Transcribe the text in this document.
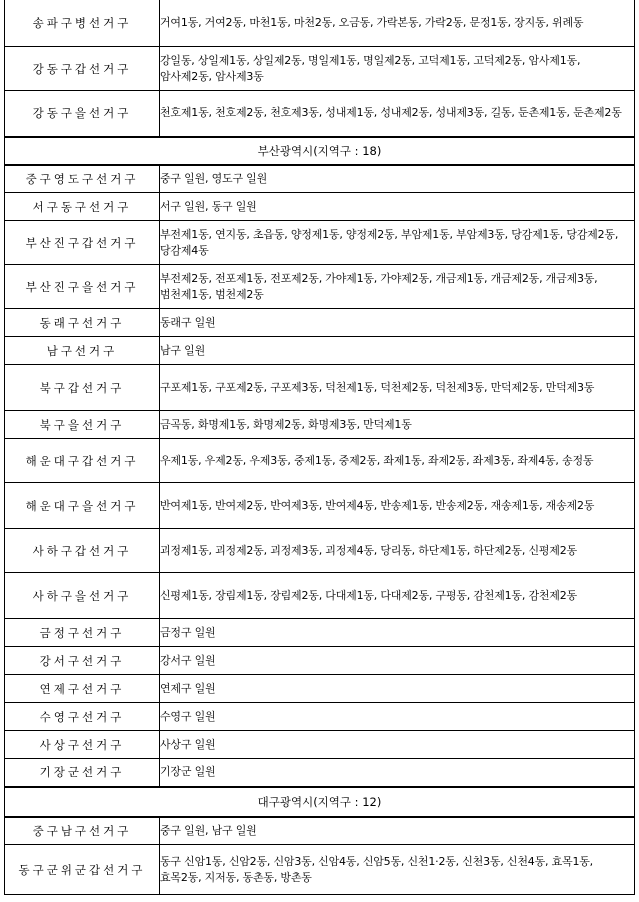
송파구병선거구	거여1동, 거여2동, 마천1동, 마천2동, 오금동, 가락본동, 가락2동, 문정1동, 장지동, 위례동
강동구갑선거구	강일동, 상일제1동, 상일제2동, 명일제1동, 명일제2동, 고덕제1동, 고덕제2동, 암사제1동, 암사제2동, 암사제3동
강동구을선거구	천호제1동, 천호제2동, 천호제3동, 성내제1동, 성내제2동, 성내제3동, 길동, 둔촌제1동, 둔촌제2동
부산광역시(지역구 : 18)	
중구영도구선거구	중구 일원, 영도구 일원
서구동구선거구	서구 일원, 동구 일원
부산진구갑선거구	부전제1동, 연지동, 초읍동, 양정제1동, 양정제2동, 부암제1동, 부암제3동, 당감제1동, 당감제2동, 당감제4동
부산진구을선거구	부전제2동, 전포제1동, 전포제2동, 가야제1동, 가야제2동, 개금제1동, 개금제2동, 개금제3동, 범천제1동, 범천제2동
동래구선거구	동래구 일원
남구선거구	남구 일원
북구갑선거구	구포제1동, 구포제2동, 구포제3동, 덕천제1동, 덕천제2동, 덕천제3동, 만덕제2동, 만덕제3동
북구을선거구	금곡동, 화명제1동, 화명제2동, 화명제3동, 만덕제1동
해운대구갑선거구	우제1동, 우제2동, 우제3동, 중제1동, 중제2동, 좌제1동, 좌제2동, 좌제3동, 좌제4동, 송정동
해운대구을선거구	반여제1동, 반여제2동, 반여제3동, 반여제4동, 반송제1동, 반송제2동, 재송제1동, 재송제2동
사하구갑선거구	괴정제1동, 괴정제2동, 괴정제3동, 괴정제4동, 당리동, 하단제1동, 하단제2동, 신평제2동
사하구을선거구	신평제1동, 장림제1동, 장림제2동, 다대제1동, 다대제2동, 구평동, 감천제1동, 감천제2동
금정구선거구	금정구 일원
강서구선거구	강서구 일원
연제구선거구	연제구 일원
수영구선거구	수영구 일원
사상구선거구	사상구 일원
기장군선거구	기장군 일원
대구광역시(지역구 : 12)	
중구남구선거구	중구 일원, 남구 일원
동구군위군갑선거구	동구 신암1동, 신암2동, 신암3동, 신암4동, 신암5동, 신천1·2동, 신천3동, 신천4동, 효목1동, 효목2동, 지저동, 동촌동, 방촌동
